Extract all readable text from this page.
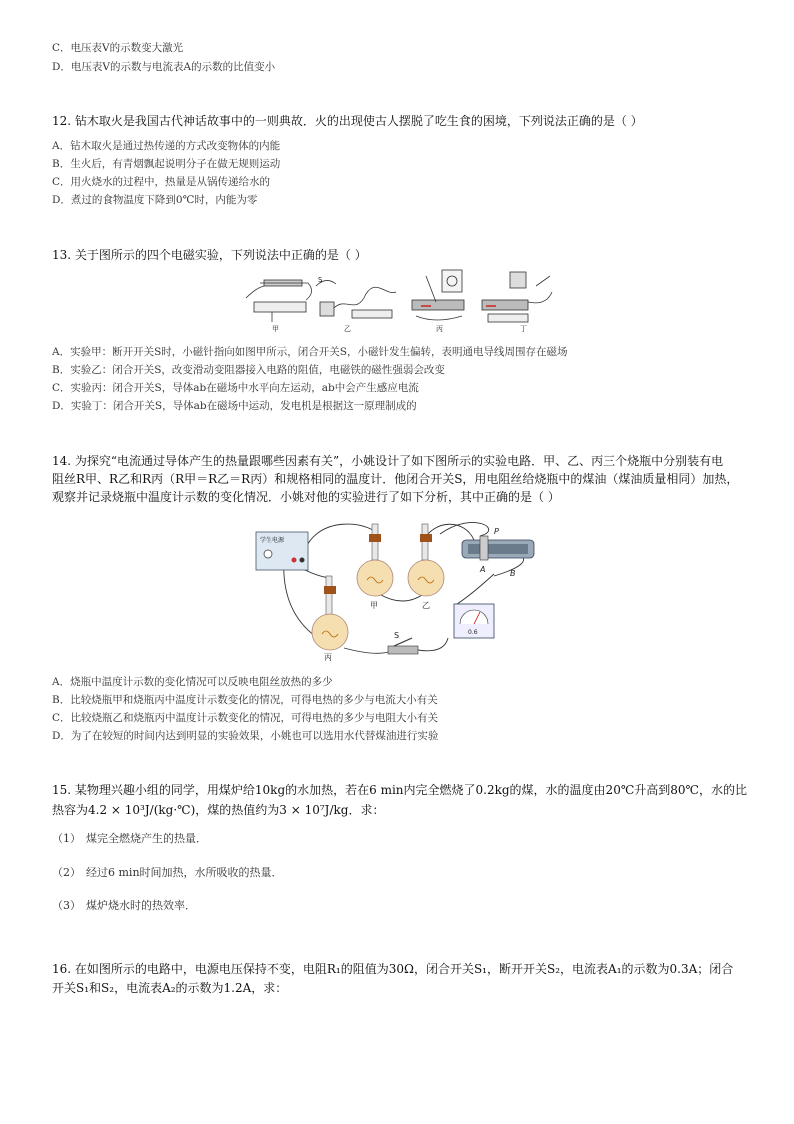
C．电压表V的示数变大激光
D．电压表V的示数与电流表A的示数的比值变小
12. 钻木取火是我国古代神话故事中的一则典故．火的出现使古人摆脱了吃生食的困境，下列说法正确的是（ ）
A．钻木取火是通过热传递的方式改变物体的内能
B．生火后，有青烟飘起说明分子在做无规则运动
C．用火烧水的过程中，热量是从锅传递给水的
D．煮过的食物温度下降到0℃时，内能为零
13. 关于图所示的四个电磁实验，下列说法中正确的是（ ）
甲	乙	丙	丁
S
A．实验甲：断开开关S时，小磁针指向如图甲所示，闭合开关S，小磁针发生偏转，表明通电导线周围存在磁场
B．实验乙：闭合开关S，改变滑动变阻器接入电路的阻值，电磁铁的磁性强弱会改变
C．实验丙：闭合开关S，导体ab在磁场中水平向左运动，ab中会产生感应电流
D．实验丁：闭合开关S，导体ab在磁场中运动，发电机是根据这一原理制成的
14. 为探究“电流通过导体产生的热量跟哪些因素有关”，小姚设计了如下图所示的实验电路．甲、乙、丙三个烧瓶中分别装有电
阻丝R甲、R乙和R丙（R甲＝R乙＝R丙）和规格相同的温度计．他闭合开关S，用电阻丝给烧瓶中的煤油（煤油质量相同）加热，
观察并记录烧瓶中温度计示数的变化情况．小姚对他的实验进行了如下分析，其中正确的是（ ）
学生电源
0.6
甲	乙
丙
S
P
A	B
A．烧瓶中温度计示数的变化情况可以反映电阻丝放热的多少
B．比较烧瓶甲和烧瓶丙中温度计示数变化的情况，可得电热的多少与电流大小有关
C．比较烧瓶乙和烧瓶丙中温度计示数变化的情况，可得电热的多少与电阻大小有关
D．为了在较短的时间内达到明显的实验效果，小姚也可以选用水代替煤油进行实验
15. 某物理兴趣小组的同学，用煤炉给10kg的水加热，若在6 min内完全燃烧了0.2kg的煤，水的温度由20℃升高到80℃，水的比
热容为4.2 × 10³J/(kg·℃)，煤的热值约为3 × 10⁷J/kg．求：
（1） 煤完全燃烧产生的热量．
（2） 经过6 min时间加热，水所吸收的热量．
（3） 煤炉烧水时的热效率．
16. 在如图所示的电路中，电源电压保持不变，电阻R₁的阻值为30Ω，闭合开关S₁，断开开关S₂，电流表A₁的示数为0.3A；闭合
开关S₁和S₂，电流表A₂的示数为1.2A，求：
